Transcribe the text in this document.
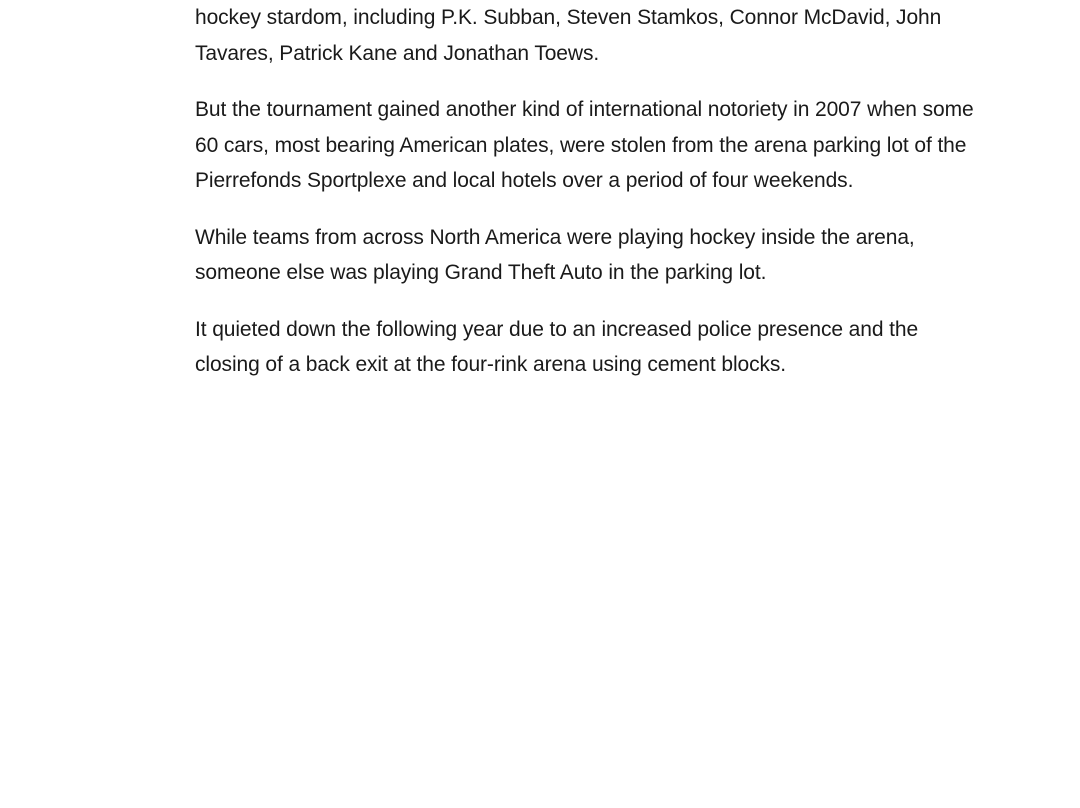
hockey stardom, including P.K. Subban, Steven Stamkos, Connor McDavid, John Tavares, Patrick Kane and Jonathan Toews.

But the tournament gained another kind of international notoriety in 2007 when some 60 cars, most bearing American plates, were stolen from the arena parking lot of the Pierrefonds Sportplexe and local hotels over a period of four weekends.

While teams from across North America were playing hockey inside the arena, someone else was playing Grand Theft Auto in the parking lot.

It quieted down the following year due to an increased police presence and the closing of a back exit at the four-rink arena using cement blocks.
